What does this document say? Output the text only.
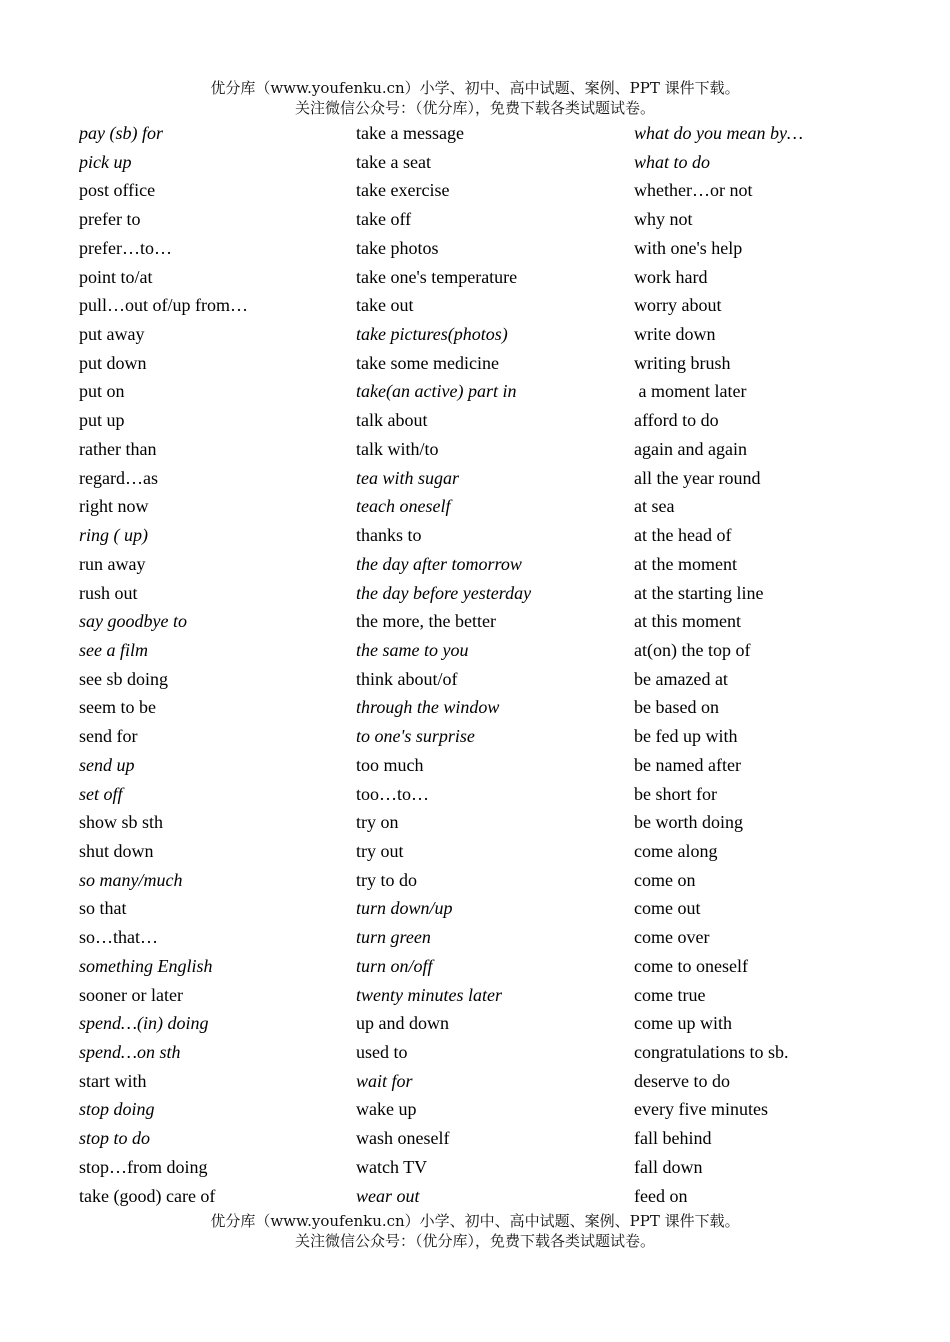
优分库（www.youfenku.cn）小学、初中、高中试题、案例、PPT 课件下载。
关注微信公众号：（优分库），免费下载各类试题试卷。
pay (sb) for
pick up
post office
prefer to
prefer…to…
point to/at
pull…out of/up from…
put away
put down
put on
put up
rather than
regard…as
right now
ring ( up)
run away
rush out
say goodbye to
see a film
see sb doing
seem to be
send for
send up
set off
show sb sth
shut down
so many/much
so that
so…that…
something English
sooner or later
spend…(in) doing
spend…on sth
start with
stop doing
stop to do
stop…from doing
take (good) care of
take a message
take a seat
take exercise
take off
take photos
take one's temperature
take out
take pictures(photos)
take some medicine
take(an active) part in
talk about
talk with/to
tea with sugar
teach oneself
thanks to
the day after tomorrow
the day before yesterday
the more, the better
the same to you
think about/of
through the window
to one's surprise
too much
too…to…
try on
try out
try to do
turn down/up
turn green
turn on/off
twenty minutes later
up and down
used to
wait for
wake up
wash oneself
watch TV
wear out
what do you mean by…
what to do
whether…or not
why not
with one's help
work hard
worry about
write down
writing brush
a moment later
afford to do
again and again
all the year round
at sea
at the head of
at the moment
at the starting line
at this moment
at(on) the top of
be amazed at
be based on
be fed up with
be named after
be short for
be worth doing
come along
come on
come out
come over
come to oneself
come true
come up with
congratulations to sb.
deserve to do
every five minutes
fall behind
fall down
feed on
优分库（www.youfenku.cn）小学、初中、高中试题、案例、PPT 课件下载。
关注微信公众号：（优分库），免费下载各类试题试卷。
